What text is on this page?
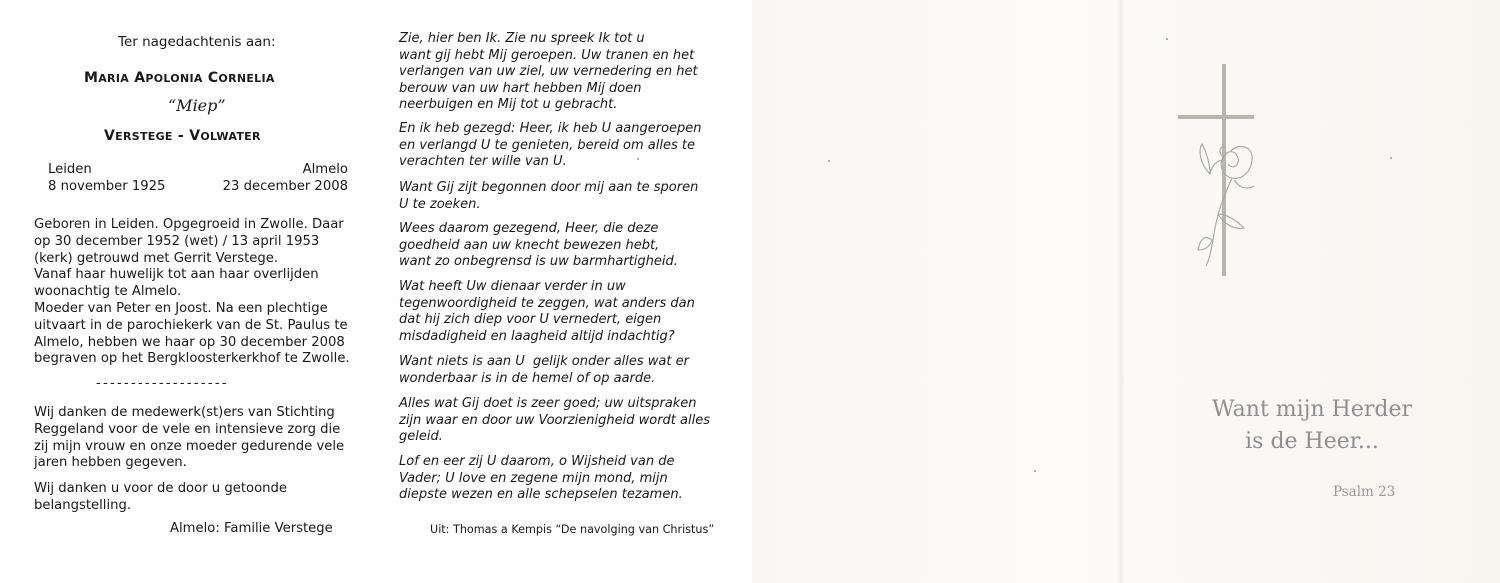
Ter nagedachtenis aan:
MARIA APOLONIA CORNELIA
“Miep”
VERSTEGE - VOLWATER
Leiden
8 november 1925
Almelo
23 december 2008
Geboren in Leiden. Opgegroeid in Zwolle. Daar
op 30 december 1952 (wet) / 13 april 1953
(kerk) getrouwd met Gerrit Verstege.
Vanaf haar huwelijk tot aan haar overlijden
woonachtig te Almelo.
Moeder van Peter en Joost. Na een plechtige
uitvaart in de parochiekerk van de St. Paulus te
Almelo, hebben we haar op 30 december 2008
begraven op het Bergkloosterkerkhof te Zwolle.
-------------------
Wij danken de medewerk(st)ers van Stichting
Reggeland voor de vele en intensieve zorg die
zij mijn vrouw en onze moeder gedurende vele
jaren hebben gegeven.
Wij danken u voor de door u getoonde
belangstelling.
Almelo: Familie Verstege
Zie, hier ben Ik. Zie nu spreek Ik tot u
want gij hebt Mij geroepen. Uw tranen en het
verlangen van uw ziel, uw vernedering en het
berouw van uw hart hebben Mij doen
neerbuigen en Mij tot u gebracht.
En ik heb gezegd: Heer, ik heb U aangeroepen
en verlangd U te genieten, bereid om alles te
verachten ter wille van U.
Want Gij zijt begonnen door mij aan te sporen
U te zoeken.
Wees daarom gezegend, Heer, die deze
goedheid aan uw knecht bewezen hebt,
want zo onbegrensd is uw barmhartigheid.
Wat heeft Uw dienaar verder in uw
tegenwoordigheid te zeggen, wat anders dan
dat hij zich diep voor U vernedert, eigen
misdadigheid en laagheid altijd indachtig?
Want niets is aan U  gelijk onder alles wat er
wonderbaar is in de hemel of op aarde.
Alles wat Gij doet is zeer goed; uw uitspraken
zijn waar en door uw Voorzienigheid wordt alles
geleid.
Lof en eer zij U daarom, o Wijsheid van de
Vader; U love en zegene mijn mond, mijn
diepste wezen en alle schepselen tezamen.
Uit: Thomas a Kempis “De navolging van Christus”
Want mijn Herder
is de Heer...
Psalm 23
